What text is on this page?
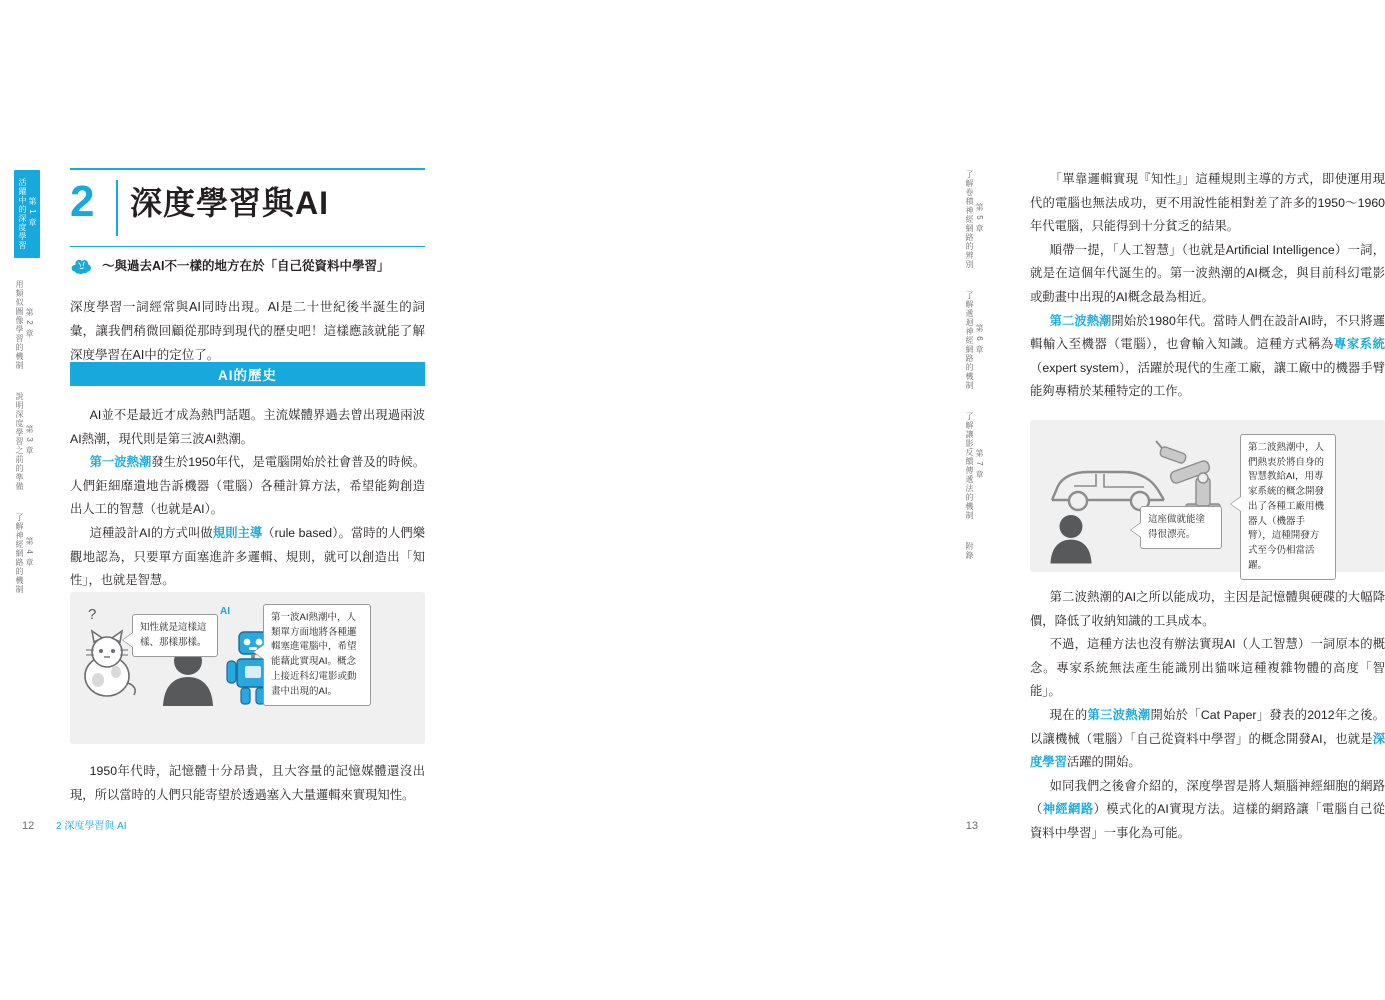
第 1 章
活躍中的深度學習
第 2 章
用類似圖像學習的機制
第 3 章
說明深度學習之前的準備
第 4 章
了解神經網路的機制
2	深度學習與AI
～與過去AI不一樣的地方在於「自己從資料中學習」
深度學習一詞經常與AI同時出現。AI是二十世紀後半誕生的詞彙，讓我們稍微回顧從那時到現代的歷史吧！這樣應該就能了解深度學習在AI中的定位了。
AI的歷史

AI並不是最近才成為熱門話題。主流媒體界過去曾出現過兩波AI熱潮，現代則是第三波AI熱潮。

第一波熱潮發生於1950年代，是電腦開始於社會普及的時候。人們鉅細靡遺地告訴機器（電腦）各種計算方法，希望能夠創造出人工的智慧（也就是AI）。

這種設計AI的方式叫做規則主導（rule based）。當時的人們樂觀地認為，只要單方面塞進許多邏輯、規則，就可以創造出「知性」，也就是智慧。

?	AI
知性就是這樣這樣、那樣那樣。
第一波AI熱潮中，人類單方面地將各種邏輯塞進電腦中，希望能藉此實現AI。概念上接近科幻電影或動畫中出現的AI。

1950年代時，記憶體十分昂貴，且大容量的記憶媒體還沒出現，所以當時的人們只能寄望於透過塞入大量邏輯來實現知性。

12 2 深度學習與 AI
第 5 章
了解卷積神經網路的辨別
第 6 章
了解遞迴神經網路的機制
第 7 章
了解讓影反饋傳遞法的機制
附錄

「單靠邏輯實現『知性』」這種規則主導的方式，即使運用現代的電腦也無法成功，更不用說性能相對差了許多的1950～1960年代電腦，只能得到十分貧乏的結果。

順帶一提，「人工智慧」（也就是Artificial Intelligence）一詞，就是在這個年代誕生的。第一波熱潮的AI概念，與目前科幻電影或動畫中出現的AI概念最為相近。

第二波熱潮開始於1980年代。當時人們在設計AI時，不只將邏輯輸入至機器（電腦），也會輸入知識。這種方式稱為專家系統（expert system），活躍於現代的生產工廠，讓工廠中的機器手臂能夠專精於某種特定的工作。

這座做就能塗得很漂亮。
第二波熱潮中，人們熱衷於將自身的智慧教給AI，用專家系統的概念開發出了各種工廠用機器人（機器手臂），這種開發方式至今仍相當活躍。

第二波熱潮的AI之所以能成功，主因是記憶體與硬碟的大幅降價，降低了收納知識的工具成本。

不過，這種方法也沒有辦法實現AI（人工智慧）一詞原本的概念。專家系統無法產生能識別出貓咪這種複雜物體的高度「智能」。

現在的第三波熱潮開始於「Cat Paper」發表的2012年之後。以讓機械（電腦）「自己從資料中學習」的概念開發AI，也就是深度學習活躍的開始。

如同我們之後會介紹的，深度學習是將人類腦神經細胞的網路（神經網路）模式化的AI實現方法。這樣的網路讓「電腦自己從資料中學習」一事化為可能。

13
